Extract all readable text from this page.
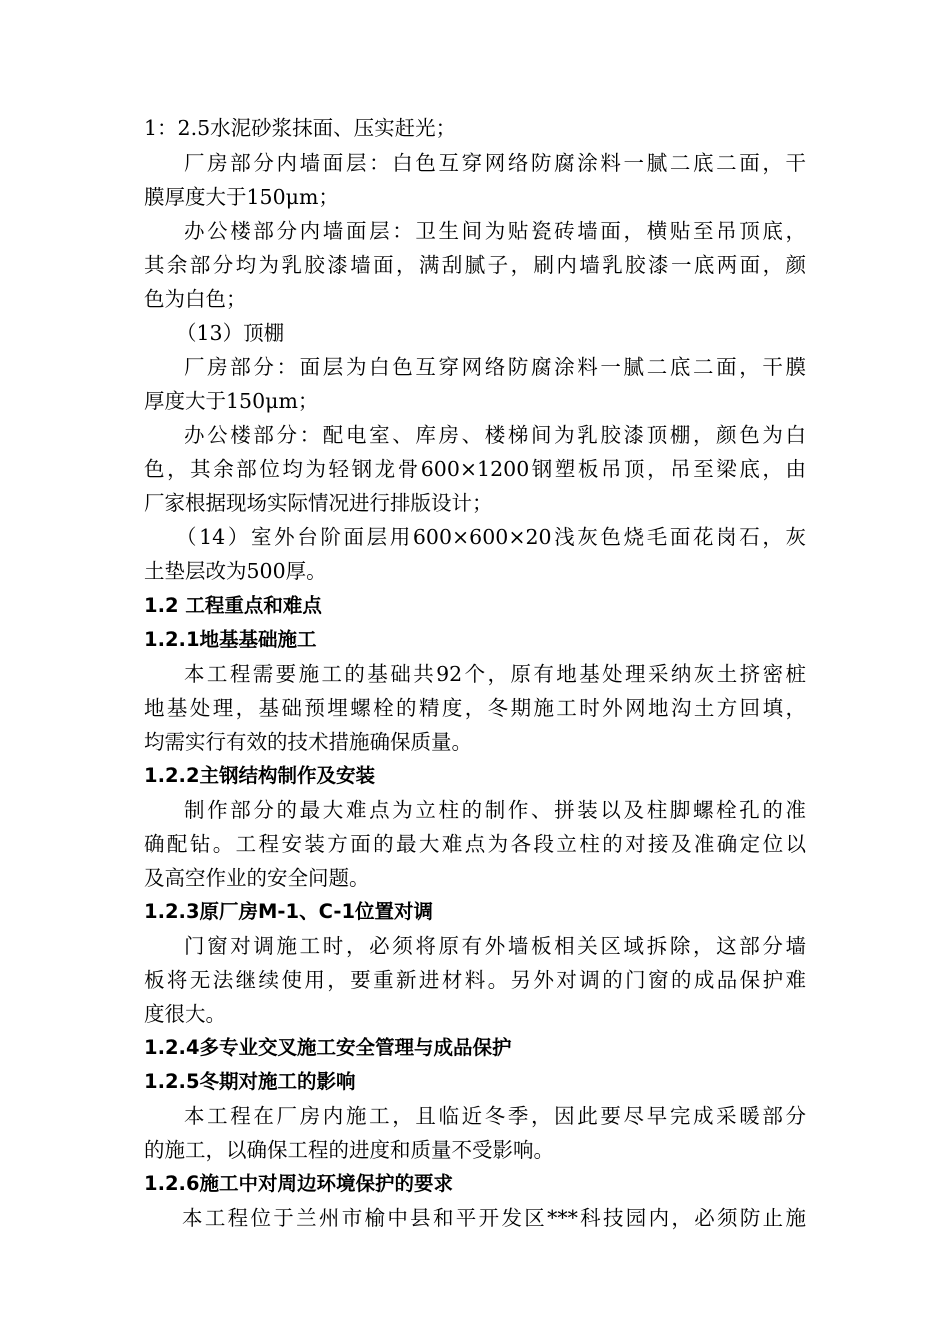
1：2.5水泥砂浆抹面、压实赶光；
厂房部分内墙面层：白色互穿网络防腐涂料一腻二底二面，干
膜厚度大于150μm；
办公楼部分内墙面层：卫生间为贴瓷砖墙面，横贴至吊顶底，
其余部分均为乳胶漆墙面，满刮腻子，刷内墙乳胶漆一底两面，颜
色为白色；
（13）顶棚
厂房部分：面层为白色互穿网络防腐涂料一腻二底二面，干膜
厚度大于150μm；
办公楼部分：配电室、库房、楼梯间为乳胶漆顶棚，颜色为白
色，其余部位均为轻钢龙骨600×1200钢塑板吊顶，吊至梁底，由
厂家根据现场实际情况进行排版设计；
（14）室外台阶面层用600×600×20浅灰色烧毛面花岗石，灰
土垫层改为500厚。
1.2 工程重点和难点
1.2.1地基基础施工
本工程需要施工的基础共92个，原有地基处理采纳灰土挤密桩
地基处理，基础预埋螺栓的精度，冬期施工时外网地沟土方回填，
均需实行有效的技术措施确保质量。
1.2.2主钢结构制作及安装
制作部分的最大难点为立柱的制作、拼装以及柱脚螺栓孔的准
确配钻。工程安装方面的最大难点为各段立柱的对接及准确定位以
及高空作业的安全问题。
1.2.3原厂房M-1、C-1位置对调
门窗对调施工时，必须将原有外墙板相关区域拆除，这部分墙
板将无法继续使用，要重新进材料。另外对调的门窗的成品保护难
度很大。
1.2.4多专业交叉施工安全管理与成品保护
1.2.5冬期对施工的影响
本工程在厂房内施工，且临近冬季，因此要尽早完成采暖部分
的施工，以确保工程的进度和质量不受影响。
1.2.6施工中对周边环境保护的要求
本工程位于兰州市榆中县和平开发区***科技园内，必须防止施
